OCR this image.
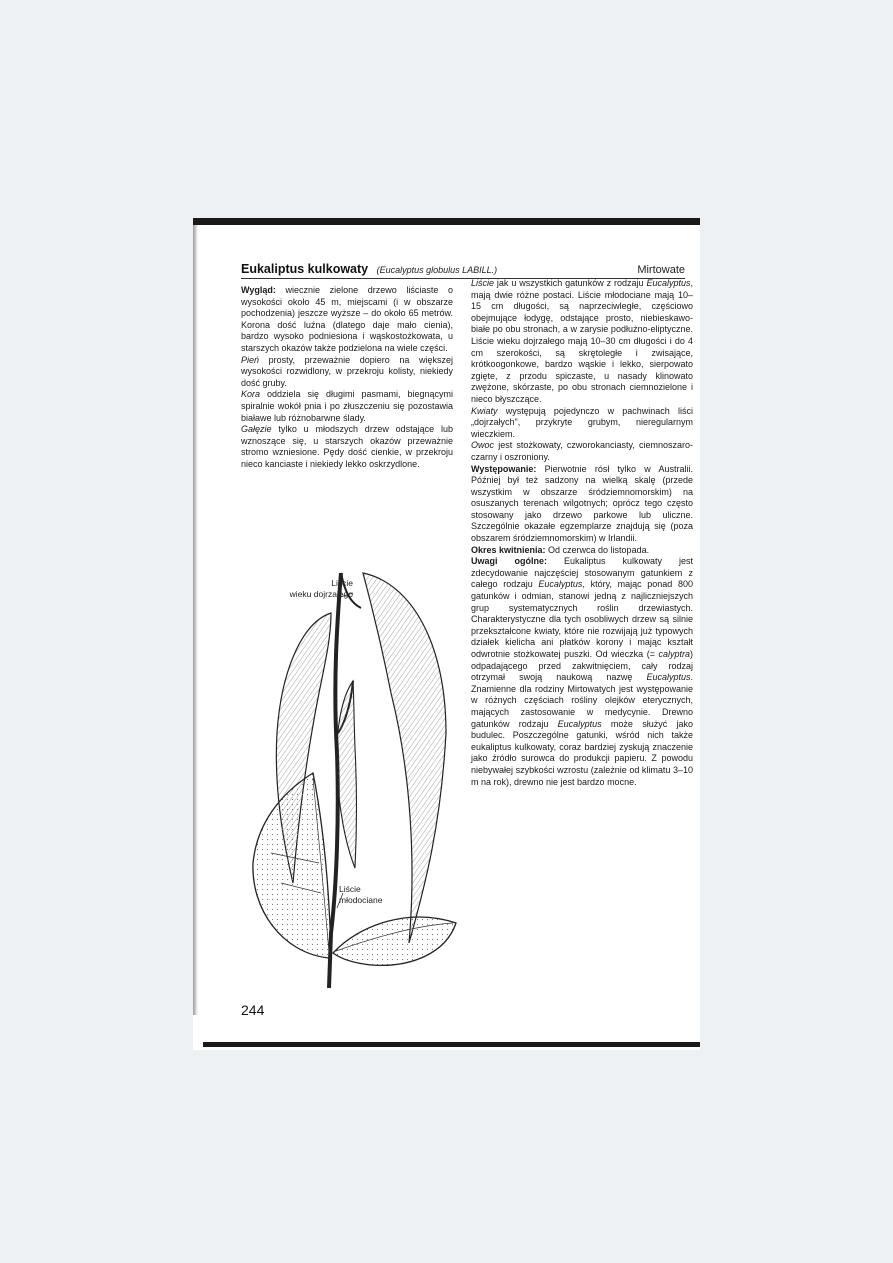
Eukaliptus kulkowaty (Eucalyptus globulus LABILL.)	Mirtowate

Wygląd: wiecznie zielone drzewo liściaste o wysokości około 45 m, miejscami (i w obszarze pochodzenia) jeszcze wyższe – do około 65 metrów. Korona dość luźna (dlatego daje mało cienia), bardzo wysoko podniesiona i wąskostożkowata, u starszych okazów także podzielona na wiele części.

Pień prosty, przeważnie dopiero na większej wysokości rozwidlony, w przekroju kolisty, niekiedy dość gruby.

Kora oddziela się długimi pasmami, biegnącymi spiralnie wokół pnia i po złuszczeniu się pozostawia białawe lub różnobarwne ślady.

Gałęzie tylko u młodszych drzew odstające lub wznoszące się, u starszych okazów przeważnie stromo wzniesione. Pędy dość cienkie, w przekroju nieco kanciaste i niekiedy lekko oskrzydlone.

Liście jak u wszystkich gatunków z rodzaju Eucalyptus, mają dwie różne postaci. Liście młodociane mają 10–15 cm długości, są naprzeciwległe, częściowo obejmujące łodygę, odstające prosto, niebieskawo-białe po obu stronach, a w zarysie podłużno-eliptyczne. Liście wieku dojrzałego mają 10–30 cm długości i do 4 cm szerokości, są skrętoległe i zwisające, krótkoogonkowe, bardzo wąskie i lekko, sierpowato zgięte, z przodu spiczaste, u nasady klinowato zwężone, skórzaste, po obu stronach ciemnozielone i nieco błyszczące.

Kwiaty występują pojedynczo w pachwinach liści „dojrzałych", przykryte grubym, nieregularnym wieczkiem.

Owoc jest stożkowaty, czworokanciasty, ciemnoszaro-czarny i oszroniony.

Występowanie: Pierwotnie rósł tylko w Australii. Później był też sadzony na wielką skalę (przede wszystkim w obszarze śródziemnomorskim) na osuszanych terenach wilgotnych; oprócz tego często stosowany jako drzewo parkowe lub uliczne. Szczególnie okazałe egzemplarze znajdują się (poza obszarem śródziemnomorskim) w Irlandii.

Okres kwitnienia: Od czerwca do listopada.

Uwagi ogólne: Eukaliptus kulkowaty jest zdecydowanie najczęściej stosowanym gatunkiem z całego rodzaju Eucalyptus, który, mając ponad 800 gatunków i odmian, stanowi jedną z najliczniejszych grup systematycznych roślin drzewiastych. Charakterystyczne dla tych osobliwych drzew są silnie przekształcone kwiaty, które nie rozwijają już typowych działek kielicha ani płatków korony i mając kształt odwrotnie stożkowatej puszki. Od wieczka (= calyptra) odpadającego przed zakwitnięciem, cały rodzaj otrzymał swoją naukową nazwę Eucalyptus. Znamienne dla rodziny Mirtowatych jest występowanie w różnych częściach rośliny olejków eterycznych, mających zastosowanie w medycynie. Drewno gatunków rodzaju Eucalyptus może służyć jako budulec. Poszczególne gatunki, wśród nich także eukaliptus kulkowaty, coraz bardziej zyskują znaczenie jako źródło surowca do produkcji papieru. Z powodu niebywałej szybkości wzrostu (zależnie od klimatu 3–10 m na rok), drewno nie jest bardzo mocne.

Liście
wieku dojrzałego
Liście
młodociane
244
